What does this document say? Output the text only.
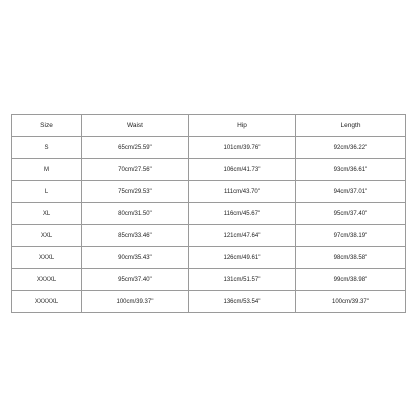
Size	Waist	Hip	Length
S	65cm/25.59''	101cm/39.76''	92cm/36.22''
M	70cm/27.56''	106cm/41.73''	93cm/36.61''
L	75cm/29.53''	111cm/43.70''	94cm/37.01''
XL	80cm/31.50''	116cm/45.67''	95cm/37.40''
XXL	85cm/33.46''	121cm/47.64''	97cm/38.19''
XXXL	90cm/35.43''	126cm/49.61''	98cm/38.58''
XXXXL	95cm/37.40''	131cm/51.57''	99cm/38.98''
XXXXXL	100cm/39.37''	136cm/53.54''	100cm/39.37''
